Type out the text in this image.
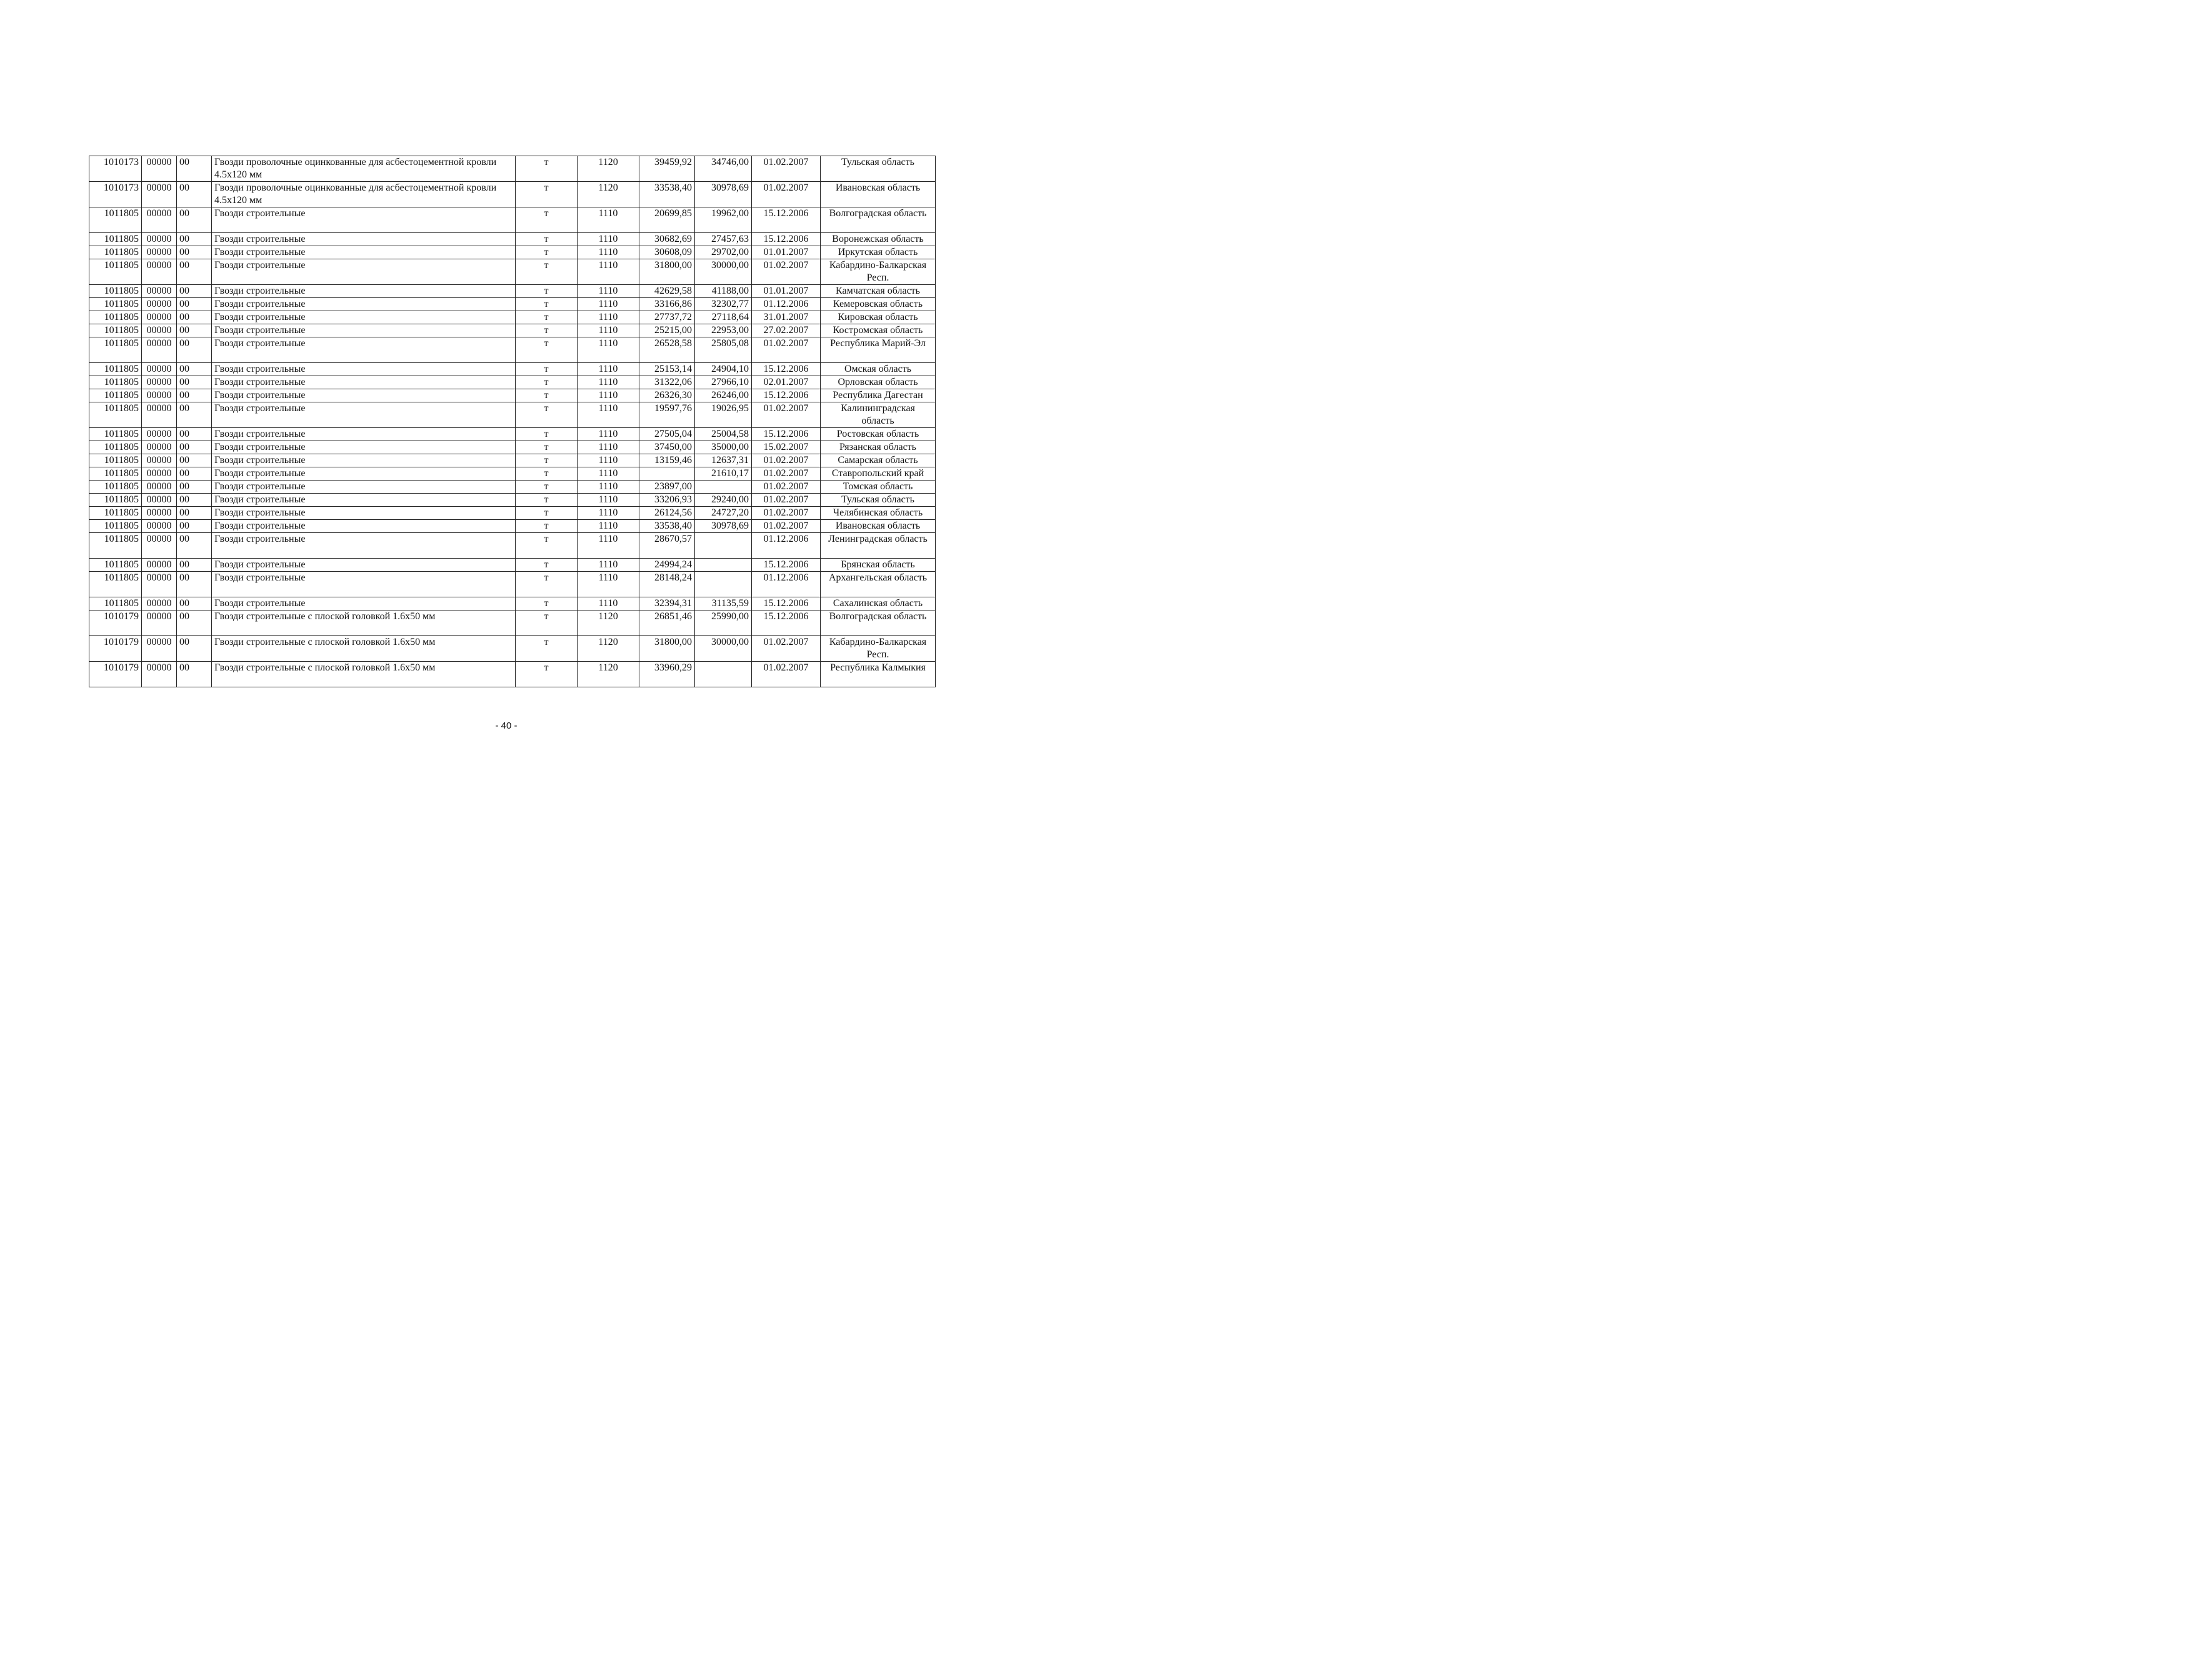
1010173	00000	00	Гвозди проволочные оцинкованные для асбестоцементной кровли 4.5х120 мм	т	1120	39459,92	34746,00	01.02.2007	Тульская область
1010173	00000	00	Гвозди проволочные оцинкованные для асбестоцементной кровли 4.5х120 мм	т	1120	33538,40	30978,69	01.02.2007	Ивановская область
1011805	00000	00	Гвозди строительные	т	1110	20699,85	19962,00	15.12.2006	Волгоградская область
1011805	00000	00	Гвозди строительные	т	1110	30682,69	27457,63	15.12.2006	Воронежская область
1011805	00000	00	Гвозди строительные	т	1110	30608,09	29702,00	01.01.2007	Иркутская область
1011805	00000	00	Гвозди строительные	т	1110	31800,00	30000,00	01.02.2007	Кабардино-Балкарская Респ.
1011805	00000	00	Гвозди строительные	т	1110	42629,58	41188,00	01.01.2007	Камчатская область
1011805	00000	00	Гвозди строительные	т	1110	33166,86	32302,77	01.12.2006	Кемеровская область
1011805	00000	00	Гвозди строительные	т	1110	27737,72	27118,64	31.01.2007	Кировская область
1011805	00000	00	Гвозди строительные	т	1110	25215,00	22953,00	27.02.2007	Костромская область
1011805	00000	00	Гвозди строительные	т	1110	26528,58	25805,08	01.02.2007	Республика Марий-Эл
1011805	00000	00	Гвозди строительные	т	1110	25153,14	24904,10	15.12.2006	Омская область
1011805	00000	00	Гвозди строительные	т	1110	31322,06	27966,10	02.01.2007	Орловская область
1011805	00000	00	Гвозди строительные	т	1110	26326,30	26246,00	15.12.2006	Республика Дагестан
1011805	00000	00	Гвозди строительные	т	1110	19597,76	19026,95	01.02.2007	Калининградская область
1011805	00000	00	Гвозди строительные	т	1110	27505,04	25004,58	15.12.2006	Ростовская область
1011805	00000	00	Гвозди строительные	т	1110	37450,00	35000,00	15.02.2007	Рязанская область
1011805	00000	00	Гвозди строительные	т	1110	13159,46	12637,31	01.02.2007	Самарская область
1011805	00000	00	Гвозди строительные	т	1110		21610,17	01.02.2007	Ставропольский край
1011805	00000	00	Гвозди строительные	т	1110	23897,00		01.02.2007	Томская область
1011805	00000	00	Гвозди строительные	т	1110	33206,93	29240,00	01.02.2007	Тульская область
1011805	00000	00	Гвозди строительные	т	1110	26124,56	24727,20	01.02.2007	Челябинская область
1011805	00000	00	Гвозди строительные	т	1110	33538,40	30978,69	01.02.2007	Ивановская область
1011805	00000	00	Гвозди строительные	т	1110	28670,57		01.12.2006	Ленинградская область
1011805	00000	00	Гвозди строительные	т	1110	24994,24		15.12.2006	Брянская область
1011805	00000	00	Гвозди строительные	т	1110	28148,24		01.12.2006	Архангельская область
1011805	00000	00	Гвозди строительные	т	1110	32394,31	31135,59	15.12.2006	Сахалинская область
1010179	00000	00	Гвозди строительные с плоской головкой 1.6х50 мм	т	1120	26851,46	25990,00	15.12.2006	Волгоградская область
1010179	00000	00	Гвозди строительные с плоской головкой 1.6х50 мм	т	1120	31800,00	30000,00	01.02.2007	Кабардино-Балкарская Респ.
1010179	00000	00	Гвозди строительные с плоской головкой 1.6х50 мм	т	1120	33960,29		01.02.2007	Республика Калмыкия
- 40 -
